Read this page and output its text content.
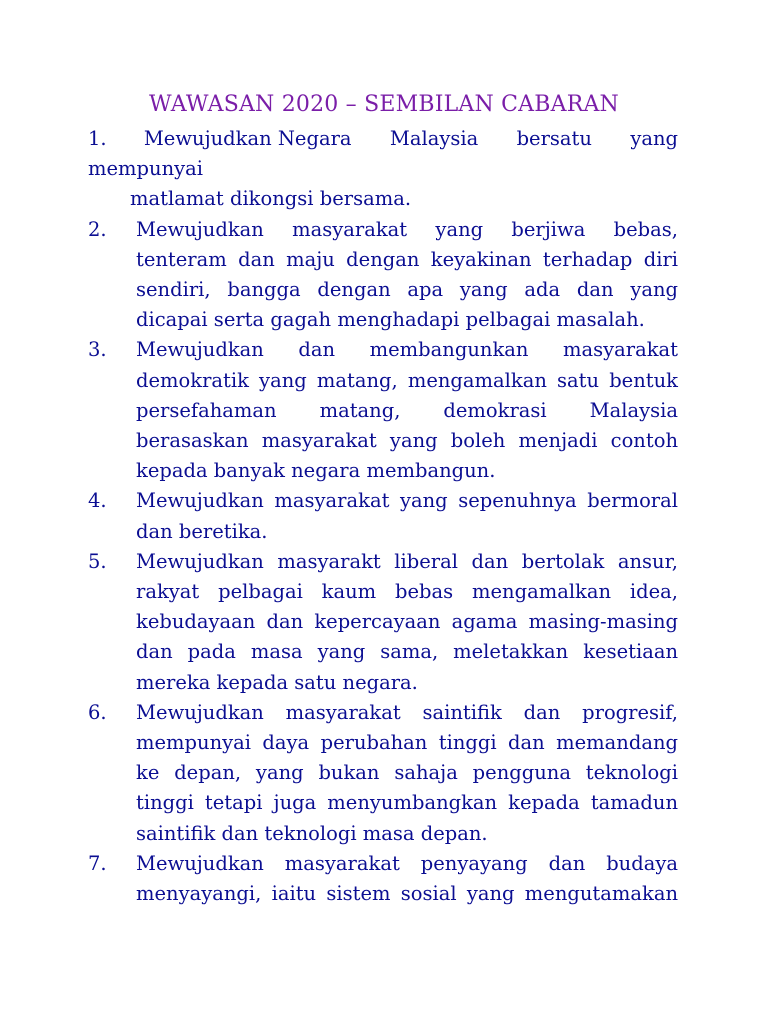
WAWASAN 2020 – SEMBILAN CABARAN
1. Mewujudkan Negara Malaysia bersatu yang
mempunyai
matlamat dikongsi bersama.
2. Mewujudkan masyarakat yang berjiwa bebas, tenteram dan maju dengan keyakinan terhadap diri sendiri, bangga dengan apa yang ada dan yang dicapai serta gagah menghadapi pelbagai masalah.
3. Mewujudkan dan membangunkan masyarakat demokratik yang matang, mengamalkan satu bentuk persefahaman matang, demokrasi Malaysia berasaskan masyarakat yang boleh menjadi contoh kepada banyak negara membangun.
4. Mewujudkan masyarakat yang sepenuhnya bermoral dan beretika.
5. Mewujudkan masyarakt liberal dan bertolak ansur, rakyat pelbagai kaum bebas mengamalkan idea, kebudayaan dan kepercayaan agama masing-masing dan pada masa yang sama, meletakkan kesetiaan mereka kepada satu negara.
6. Mewujudkan masyarakat saintifik dan progresif, mempunyai daya perubahan tinggi dan memandang ke depan, yang bukan sahaja pengguna teknologi tinggi tetapi juga menyumbangkan kepada tamadun saintifik dan teknologi masa depan.
7. Mewujudkan masyarakat penyayang dan budaya menyayangi, iaitu sistem sosial yang mengutamakan
